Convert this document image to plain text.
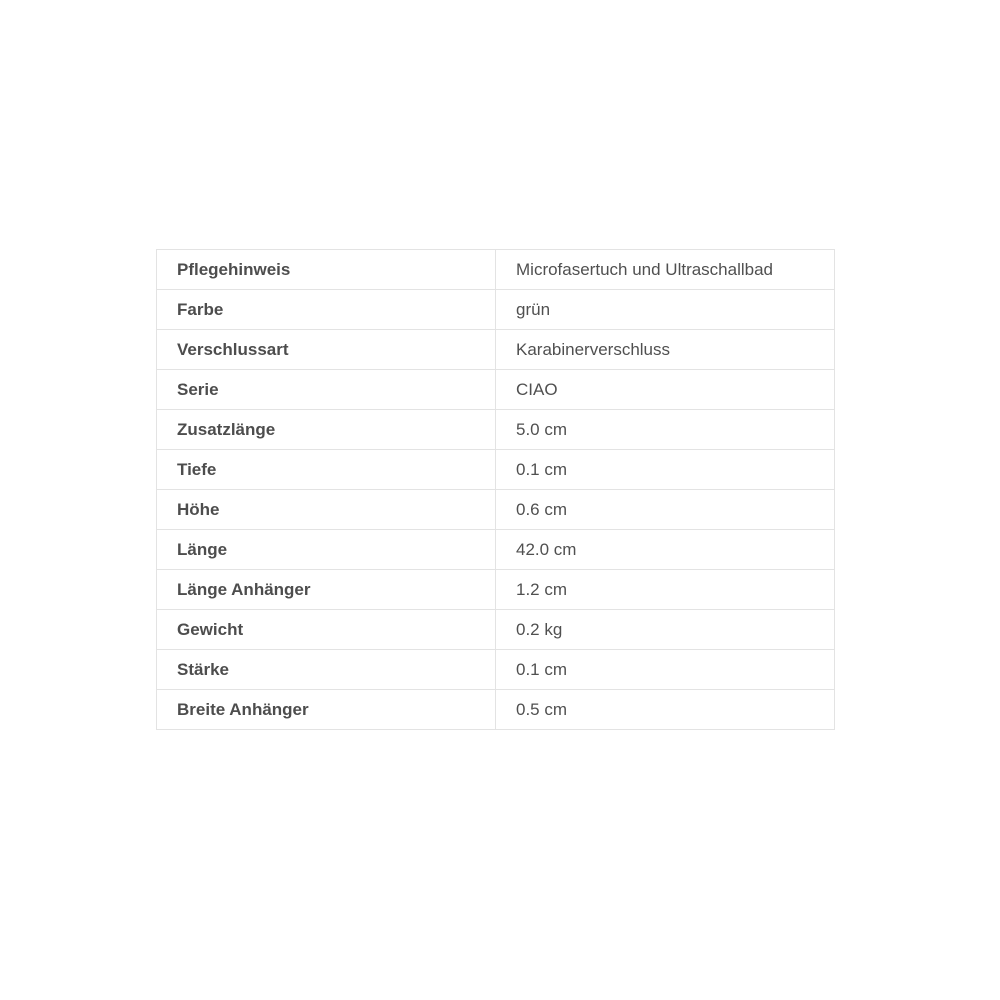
Pflegehinweis	Microfasertuch und Ultraschallbad
Farbe	grün
Verschlussart	Karabinerverschluss
Serie	CIAO
Zusatzlänge	5.0 cm
Tiefe	0.1 cm
Höhe	0.6 cm
Länge	42.0 cm
Länge Anhänger	1.2 cm
Gewicht	0.2 kg
Stärke	0.1 cm
Breite Anhänger	0.5 cm
